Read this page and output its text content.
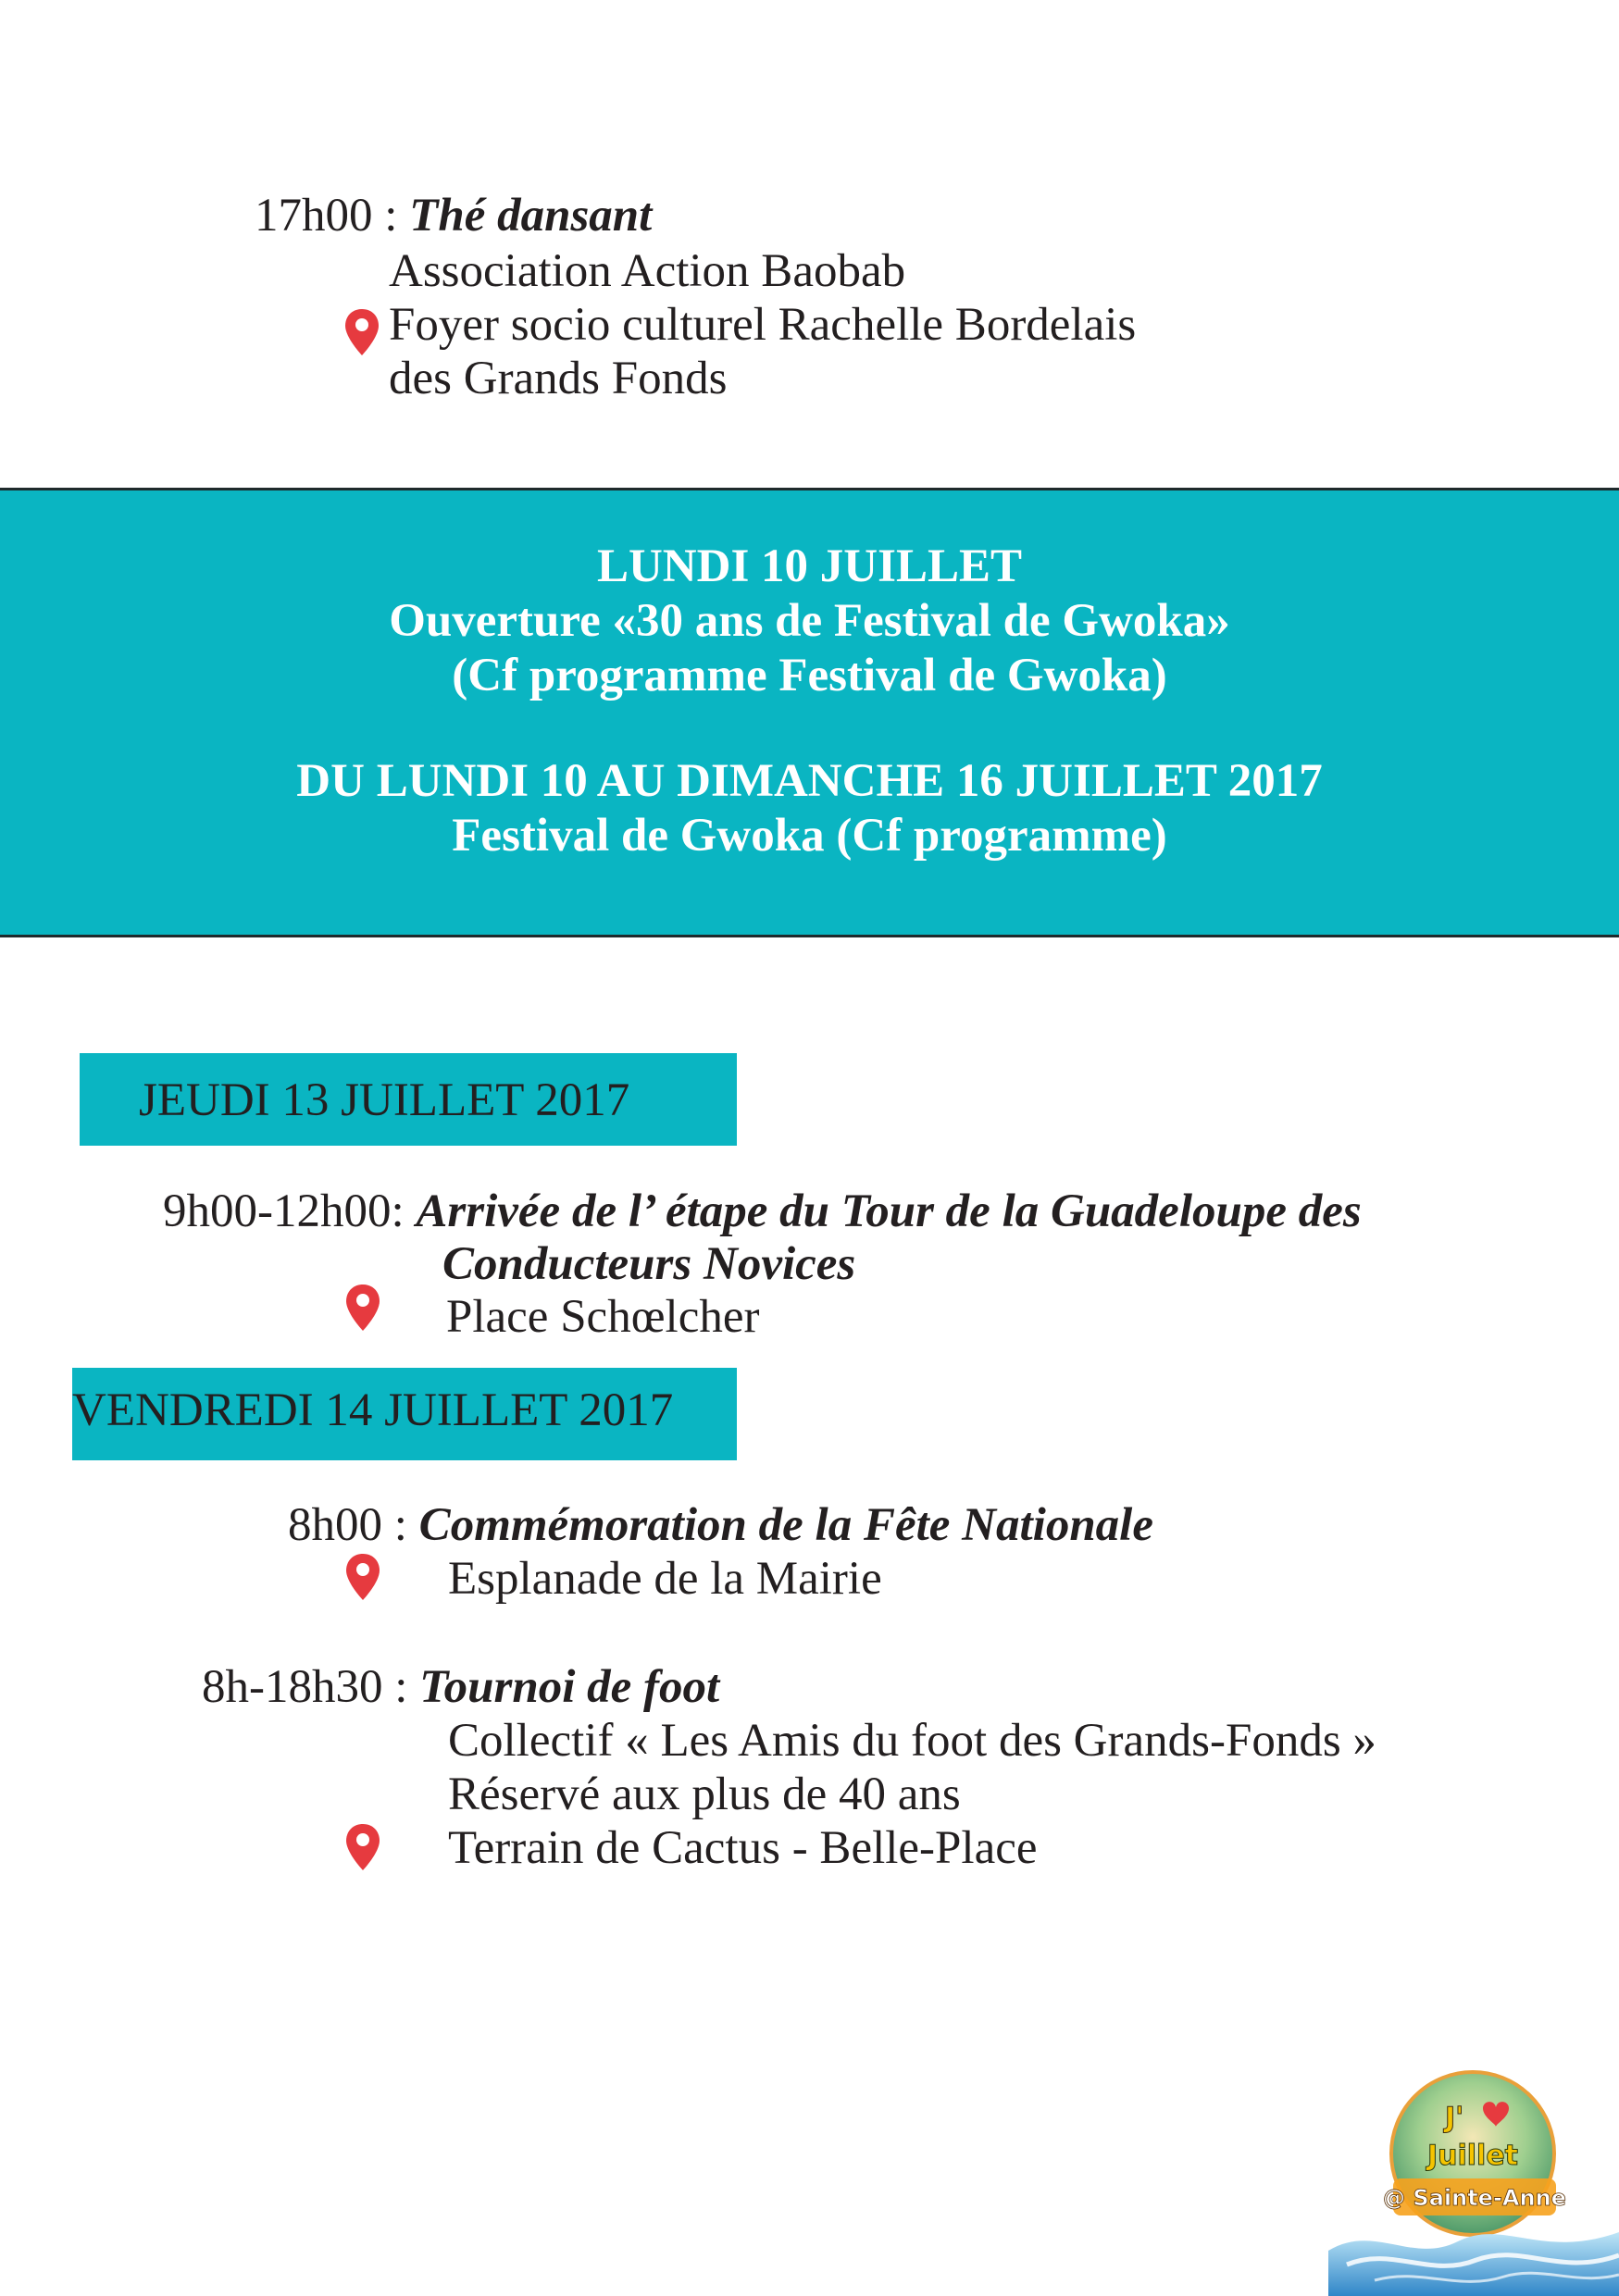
17h00 : Thé dansant
Association Action Baobab
Foyer socio culturel Rachelle Bordelais
des Grands Fonds
LUNDI 10 JUILLET
Ouverture «30 ans de Festival de Gwoka»
(Cf programme Festival de Gwoka)
DU LUNDI 10 AU DIMANCHE 16 JUILLET 2017
Festival de Gwoka (Cf programme)
JEUDI 13 JUILLET 2017
9h00-12h00: Arrivée de l’ étape du Tour de la Guadeloupe des
Conducteurs Novices
Place Schœlcher
VENDREDI 14 JUILLET 2017
8h00 : Commémoration de la Fête Nationale
Esplanade de la Mairie
8h-18h30 : Tournoi de foot
Collectif « Les Amis du foot des Grands-Fonds »
Réservé aux plus de 40 ans
Terrain de Cactus - Belle-Place
J'
Juillet
@ Sainte-Anne
